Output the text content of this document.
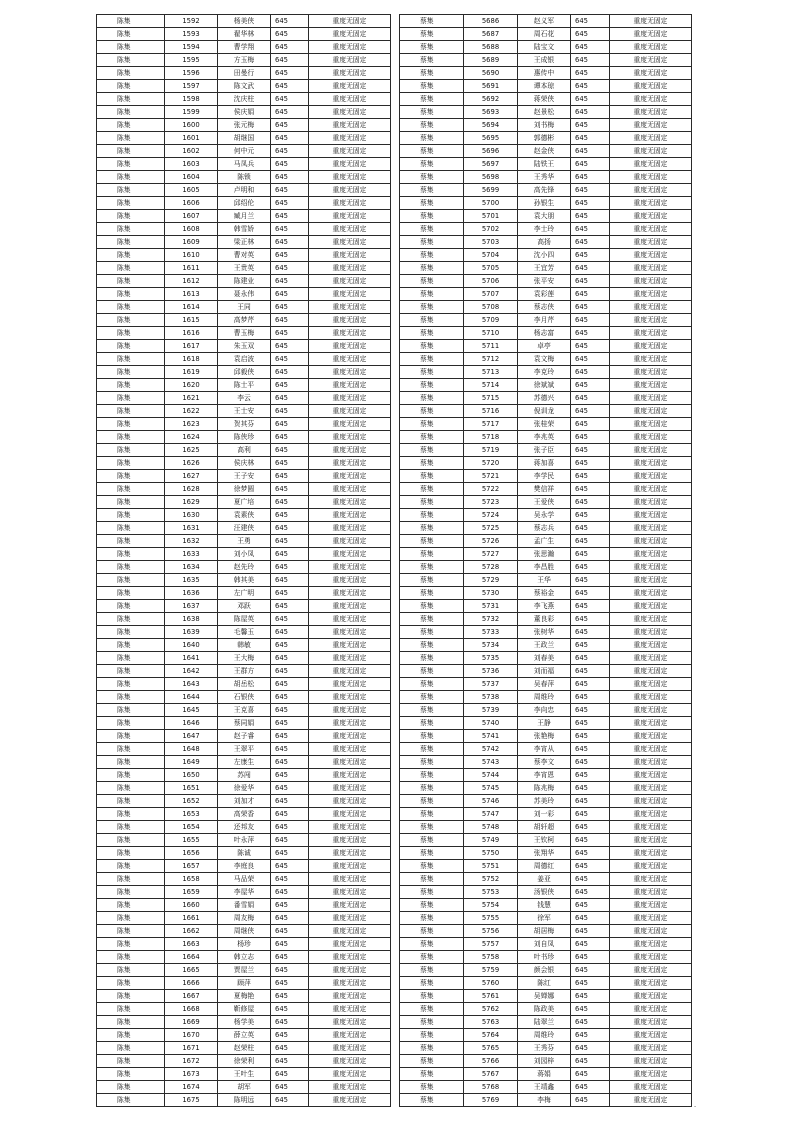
陈集	1592	杨美侠	645	重度无固定
陈集	1593	翟华林	645	重度无固定
陈集	1594	曹学翔	645	重度无固定
陈集	1595	方玉梅	645	重度无固定
陈集	1596	田曼行	645	重度无固定
陈集	1597	陈文武	645	重度无固定
陈集	1598	沈庆柱	645	重度无固定
陈集	1599	侯庆娟	645	重度无固定
陈集	1600	张元梅	645	重度无固定
陈集	1601	胡继国	645	重度无固定
陈集	1602	何中元	645	重度无固定
陈集	1603	马凤兵	645	重度无固定
陈集	1604	陈锁	645	重度无固定
陈集	1605	卢明和	645	重度无固定
陈集	1606	邱绍伦	645	重度无固定
陈集	1607	臧月兰	645	重度无固定
陈集	1608	韩雪娇	645	重度无固定
陈集	1609	梁正林	645	重度无固定
陈集	1610	曹对英	645	重度无固定
陈集	1611	王贵英	645	重度无固定
陈集	1612	陈建业	645	重度无固定
陈集	1613	聂永伟	645	重度无固定
陈集	1614	王同	645	重度无固定
陈集	1615	高梦芹	645	重度无固定
陈集	1616	曹玉梅	645	重度无固定
陈集	1617	朱玉双	645	重度无固定
陈集	1618	袁启波	645	重度无固定
陈集	1619	邱毅侠	645	重度无固定
陈集	1620	陈士平	645	重度无固定
陈集	1621	李云	645	重度无固定
陈集	1622	王士安	645	重度无固定
陈集	1623	贺其芬	645	重度无固定
陈集	1624	陈侠珍	645	重度无固定
陈集	1625	高利	645	重度无固定
陈集	1626	侯庆林	645	重度无固定
陈集	1627	王子安	645	重度无固定
陈集	1628	徐梦圆	645	重度无固定
陈集	1629	夏广培	645	重度无固定
陈集	1630	袁素侠	645	重度无固定
陈集	1631	汪建侠	645	重度无固定
陈集	1632	王勇	645	重度无固定
陈集	1633	刘小凤	645	重度无固定
陈集	1634	赵先玲	645	重度无固定
陈集	1635	韩其美	645	重度无固定
陈集	1636	左广明	645	重度无固定
陈集	1637	邓跃	645	重度无固定
陈集	1638	陈屋英	645	重度无固定
陈集	1639	毛馨玉	645	重度无固定
陈集	1640	韩敏	645	重度无固定
陈集	1641	王大梅	645	重度无固定
陈集	1642	王群方	645	重度无固定
陈集	1643	胡岳松	645	重度无固定
陈集	1644	石银侠	645	重度无固定
陈集	1645	王克喜	645	重度无固定
陈集	1646	蔡同娟	645	重度无固定
陈集	1647	赵子睿	645	重度无固定
陈集	1648	王翠平	645	重度无固定
陈集	1649	左康生	645	重度无固定
陈集	1650	苏闯	645	重度无固定
陈集	1651	徐爱华	645	重度无固定
陈集	1652	刘加才	645	重度无固定
陈集	1653	高荣香	645	重度无固定
陈集	1654	还邦友	645	重度无固定
陈集	1655	叶永萍	645	重度无固定
陈集	1656	陈诚	645	重度无固定
陈集	1657	李庭良	645	重度无固定
陈集	1658	马品荣	645	重度无固定
陈集	1659	李屋华	645	重度无固定
陈集	1660	番雪娟	645	重度无固定
陈集	1661	周友梅	645	重度无固定
陈集	1662	周继侠	645	重度无固定
陈集	1663	杨珍	645	重度无固定
陈集	1664	韩立志	645	重度无固定
陈集	1665	贾屋兰	645	重度无固定
陈集	1666	顾萍	645	重度无固定
陈集	1667	夏梅艳	645	重度无固定
陈集	1668	靳修屋	645	重度无固定
陈集	1669	杨学美	645	重度无固定
陈集	1670	薛立英	645	重度无固定
陈集	1671	赵荣柱	645	重度无固定
陈集	1672	徐荣利	645	重度无固定
陈集	1673	王叶生	645	重度无固定
陈集	1674	胡军	645	重度无固定
陈集	1675	陈明远	645	重度无固定
蔡集	5686	赵义军	645	重度无固定
蔡集	5687	周石花	645	重度无固定
蔡集	5688	陆宝文	645	重度无固定
蔡集	5689	王成银	645	重度无固定
蔡集	5690	惠传中	645	重度无固定
蔡集	5691	谭本琼	645	重度无固定
蔡集	5692	蒋荣侠	645	重度无固定
蔡集	5693	赵景松	645	重度无固定
蔡集	5694	刘书梅	645	重度无固定
蔡集	5695	郭德彬	645	重度无固定
蔡集	5696	赵金侠	645	重度无固定
蔡集	5697	陆铁王	645	重度无固定
蔡集	5698	王秀华	645	重度无固定
蔡集	5699	高先锋	645	重度无固定
蔡集	5700	孙银生	645	重度无固定
蔡集	5701	袁大朋	645	重度无固定
蔡集	5702	李士玲	645	重度无固定
蔡集	5703	高扬	645	重度无固定
蔡集	5704	沈小四	645	重度无固定
蔡集	5705	王宜芳	645	重度无固定
蔡集	5706	张平安	645	重度无固定
蔡集	5707	袁彩莲	645	重度无固定
蔡集	5708	蔡志侠	645	重度无固定
蔡集	5709	李月芹	645	重度无固定
蔡集	5710	杨志富	645	重度无固定
蔡集	5711	卓亭	645	重度无固定
蔡集	5712	袁文梅	645	重度无固定
蔡集	5713	李克玲	645	重度无固定
蔡集	5714	徐斌斌	645	重度无固定
蔡集	5715	苏德兴	645	重度无固定
蔡集	5716	倪训龙	645	重度无固定
蔡集	5717	张桂荣	645	重度无固定
蔡集	5718	李兆英	645	重度无固定
蔡集	5719	张子臣	645	重度无固定
蔡集	5720	蒋加喜	645	重度无固定
蔡集	5721	李学民	645	重度无固定
蔡集	5722	樊信祥	645	重度无固定
蔡集	5723	王爱侠	645	重度无固定
蔡集	5724	吴永学	645	重度无固定
蔡集	5725	蔡志兵	645	重度无固定
蔡集	5726	孟广生	645	重度无固定
蔡集	5727	张思瀚	645	重度无固定
蔡集	5728	李昌胜	645	重度无固定
蔡集	5729	王华	645	重度无固定
蔡集	5730	蔡裕金	645	重度无固定
蔡集	5731	李飞燕	645	重度无固定
蔡集	5732	董良彩	645	重度无固定
蔡集	5733	张树华	645	重度无固定
蔡集	5734	王政兰	645	重度无固定
蔡集	5735	刘春美	645	重度无固定
蔡集	5736	刘而福	645	重度无固定
蔡集	5737	吴春萍	645	重度无固定
蔡集	5738	周维玲	645	重度无固定
蔡集	5739	李向忠	645	重度无固定
蔡集	5740	王静	645	重度无固定
蔡集	5741	张艳梅	645	重度无固定
蔡集	5742	李宵从	645	重度无固定
蔡集	5743	蔡李文	645	重度无固定
蔡集	5744	李宵恩	645	重度无固定
蔡集	5745	陈兆梅	645	重度无固定
蔡集	5746	苏美玲	645	重度无固定
蔡集	5747	刘一彩	645	重度无固定
蔡集	5748	胡轩超	645	重度无固定
蔡集	5749	王钦柯	645	重度无固定
蔡集	5750	张翔华	645	重度无固定
蔡集	5751	周德红	645	重度无固定
蔡集	5752	姜亚	645	重度无固定
蔡集	5753	汤银侠	645	重度无固定
蔡集	5754	钱慧	645	重度无固定
蔡集	5755	徐军	645	重度无固定
蔡集	5756	胡居梅	645	重度无固定
蔡集	5757	刘自凤	645	重度无固定
蔡集	5758	叶书珍	645	重度无固定
蔡集	5759	颜会银	645	重度无固定
蔡集	5760	陈红	645	重度无固定
蔡集	5761	吴婵娜	645	重度无固定
蔡集	5762	陈政美	645	重度无固定
蔡集	5763	陆翠兰	645	重度无固定
蔡集	5764	周维玲	645	重度无固定
蔡集	5765	王秀芬	645	重度无固定
蔡集	5766	刘园梓	645	重度无固定
蔡集	5767	蒋娟	645	重度无固定
蔡集	5768	王靖鑫	645	重度无固定
蔡集	5769	李梅	645	重度无固定
...
